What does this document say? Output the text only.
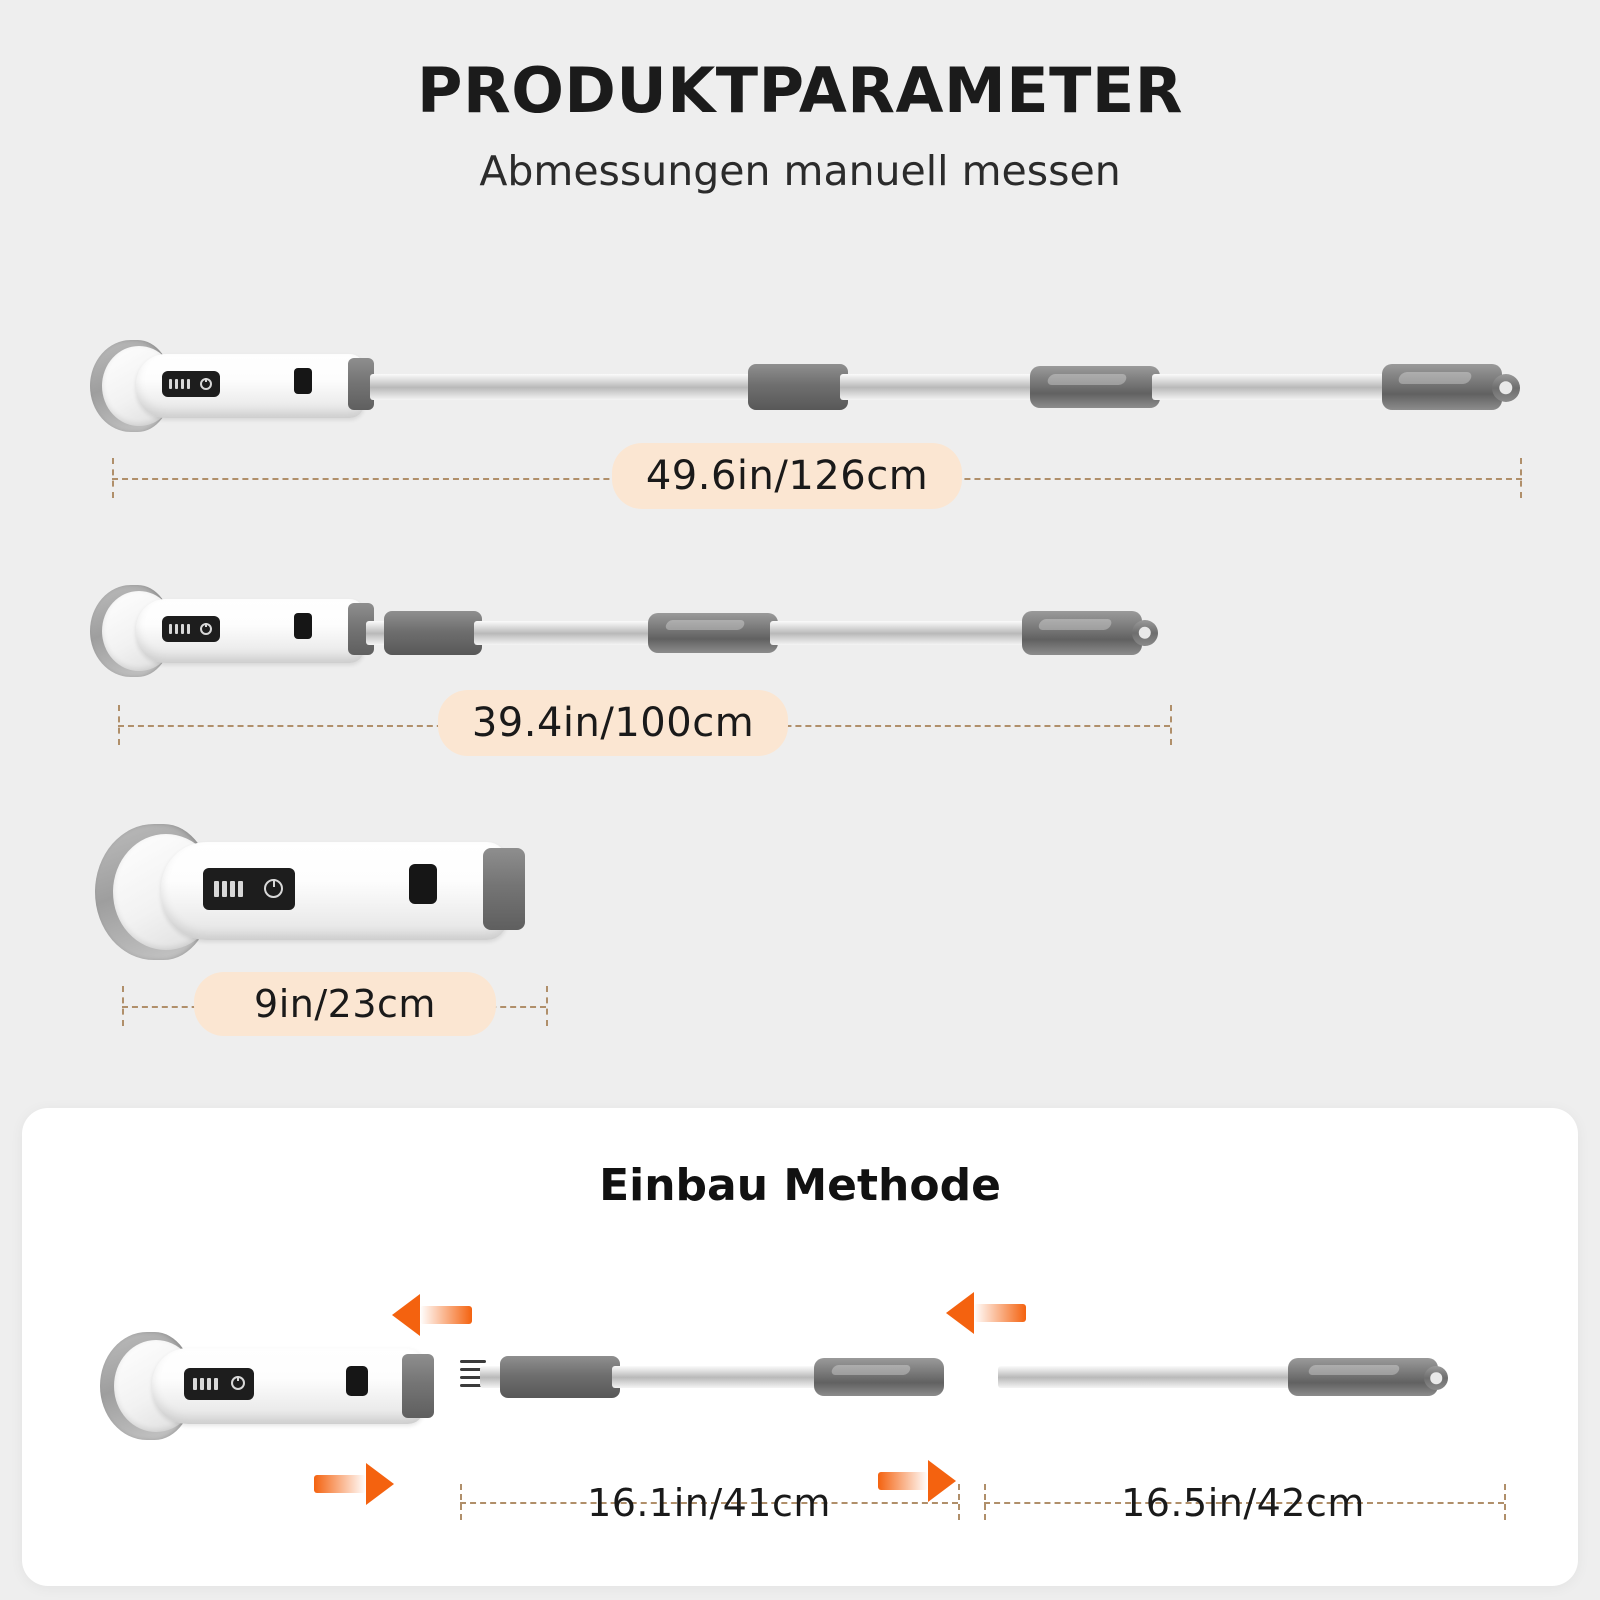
PRODUKTPARAMETER

Abmessungen manuell messen

49.6in/126cm
39.4in/100cm
9in/23cm
Einbau Methode
16.1in/41cm	16.5in/42cm
